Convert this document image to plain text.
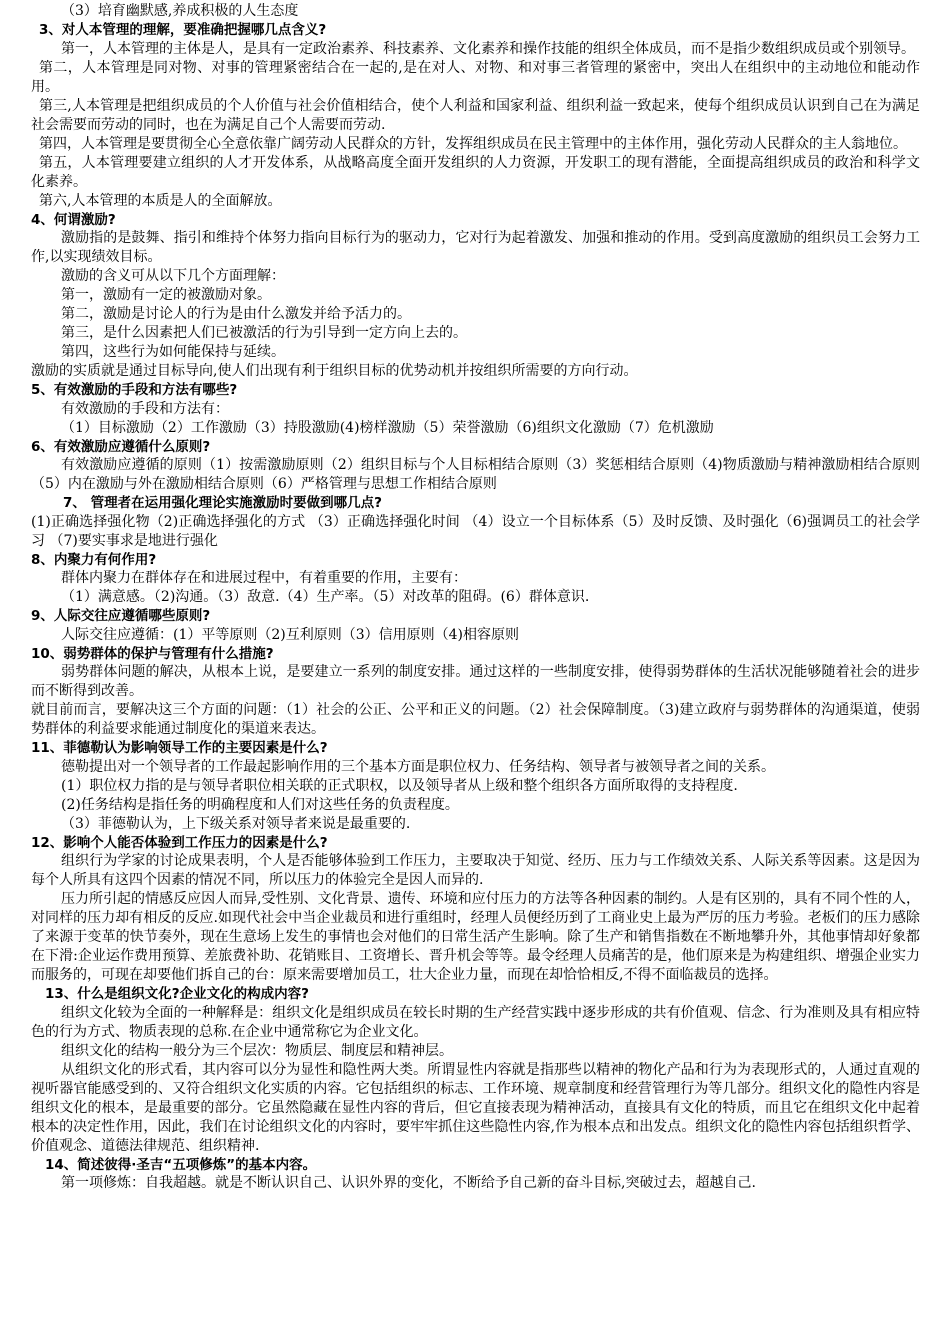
（3）培育幽默感,养成积极的人生态度

3、对人本管理的理解，要准确把握哪几点含义?

第一，人本管理的主体是人，是具有一定政治素养、科技素养、文化素养和操作技能的组织全体成员，而不是指少数组织成员或个别领导。

第二，人本管理是同对物、对事的管理紧密结合在一起的,是在对人、对物、和对事三者管理的紧密中，突出人在组织中的主动地位和能动作用。

第三,人本管理是把组织成员的个人价值与社会价值相结合，使个人利益和国家利益、组织利益一致起来，使每个组织成员认识到自己在为满足社会需要而劳动的同时，也在为满足自己个人需要而劳动.

第四，人本管理是要贯彻全心全意依靠广阔劳动人民群众的方针，发挥组织成员在民主管理中的主体作用，强化劳动人民群众的主人翁地位。

第五，人本管理要建立组织的人才开发体系，从战略高度全面开发组织的人力资源，开发职工的现有潜能，全面提高组织成员的政治和科学文化素养。

第六,人本管理的本质是人的全面解放。

4、何谓激励?

激励指的是鼓舞、指引和维持个体努力指向目标行为的驱动力，它对行为起着激发、加强和推动的作用。受到高度激励的组织员工会努力工作,以实现绩效目标。

激励的含义可从以下几个方面理解：

第一，激励有一定的被激励对象。

第二，激励是讨论人的行为是由什么激发并给予活力的。

第三，是什么因素把人们已被激活的行为引导到一定方向上去的。

第四，这些行为如何能保持与延续。

激励的实质就是通过目标导向,使人们出现有利于组织目标的优势动机并按组织所需要的方向行动。

5、有效激励的手段和方法有哪些?

有效激励的手段和方法有：

（1）目标激励（2）工作激励（3）持股激励(4)榜样激励（5）荣誉激励（6)组织文化激励（7）危机激励

6、有效激励应遵循什么原则?

有效激励应遵循的原则（1）按需激励原则（2）组织目标与个人目标相结合原则（3）奖惩相结合原则（4)物质激励与精神激励相结合原则（5）内在激励与外在激励相结合原则（6）严格管理与思想工作相结合原则

7、 管理者在运用强化理论实施激励时要做到哪几点?

(1)正确选择强化物（2)正确选择强化的方式 （3）正确选择强化时间 （4）设立一个目标体系（5）及时反馈、及时强化（6)强调员工的社会学习 （7)要实事求是地进行强化

8、内聚力有何作用?

群体内聚力在群体存在和进展过程中，有着重要的作用，主要有：

（1）满意感。（2)沟通。（3）敌意.（4）生产率。（5）对改革的阻碍。(6）群体意识.

9、人际交往应遵循哪些原则?

人际交往应遵循：(1）平等原则（2)互利原则（3）信用原则（4)相容原则

10、弱势群体的保护与管理有什么措施?

弱势群体问题的解决，从根本上说，是要建立一系列的制度安排。通过这样的一些制度安排，使得弱势群体的生活状况能够随着社会的进步而不断得到改善。

就目前而言，要解决这三个方面的问题：（1）社会的公正、公平和正义的问题。（2）社会保障制度。（3)建立政府与弱势群体的沟通渠道，使弱势群体的利益要求能通过制度化的渠道来表达。

11、菲德勒认为影响领导工作的主要因素是什么?

德勒提出对一个领导者的工作最起影响作用的三个基本方面是职位权力、任务结构、领导者与被领导者之间的关系。

(1）职位权力指的是与领导者职位相关联的正式职权，以及领导者从上级和整个组织各方面所取得的支持程度.

(2)任务结构是指任务的明确程度和人们对这些任务的负责程度。

（3）菲德勒认为，上下级关系对领导者来说是最重要的.

12、影响个人能否体验到工作压力的因素是什么?

组织行为学家的讨论成果表明，个人是否能够体验到工作压力，主要取决于知觉、经历、压力与工作绩效关系、人际关系等因素。这是因为每个人所具有这四个因素的情况不同，所以压力的体验完全是因人而异的.

压力所引起的情感反应因人而异,受性别、文化背景、遗传、环境和应付压力的方法等各种因素的制约。人是有区别的，具有不同个性的人，对同样的压力却有相反的反应.如现代社会中当企业裁员和进行重组时，经理人员便经历到了工商业史上最为严厉的压力考验。老板们的压力感除了来源于变革的快节奏外，现在生意场上发生的事情也会对他们的日常生活产生影响。除了生产和销售指数在不断地攀升外，其他事情却好象都在下滑:企业运作费用预算、差旅费补助、花销账目、工资增长、晋升机会等等。最令经理人员痛苦的是，他们原来是为构建组织、增强企业实力而服务的，可现在却要他们拆自己的台：原来需要增加员工，壮大企业力量，而现在却恰恰相反,不得不面临裁员的选择。

13、什么是组织文化?企业文化的构成内容?

组织文化较为全面的一种解释是：组织文化是组织成员在较长时期的生产经营实践中逐步形成的共有价值观、信念、行为准则及具有相应特色的行为方式、物质表现的总称.在企业中通常称它为企业文化。

组织文化的结构一般分为三个层次：物质层、制度层和精神层。

从组织文化的形式看，其内容可以分为显性和隐性两大类。所谓显性内容就是指那些以精神的物化产品和行为为表现形式的，人通过直观的视听器官能感受到的、又符合组织文化实质的内容。它包括组织的标志、工作环境、规章制度和经营管理行为等几部分。组织文化的隐性内容是组织文化的根本，是最重要的部分。它虽然隐藏在显性内容的背后，但它直接表现为精神活动，直接具有文化的特质，而且它在组织文化中起着根本的决定性作用，因此，我们在讨论组织文化的内容时，要牢牢抓住这些隐性内容,作为根本点和出发点。组织文化的隐性内容包括组织哲学、价值观念、道德法律规范、组织精神.

14、简述彼得·圣吉“五项修炼”的基本内容。

第一项修炼：自我超越。就是不断认识自己、认识外界的变化，不断给予自己新的奋斗目标,突破过去，超越自己.
